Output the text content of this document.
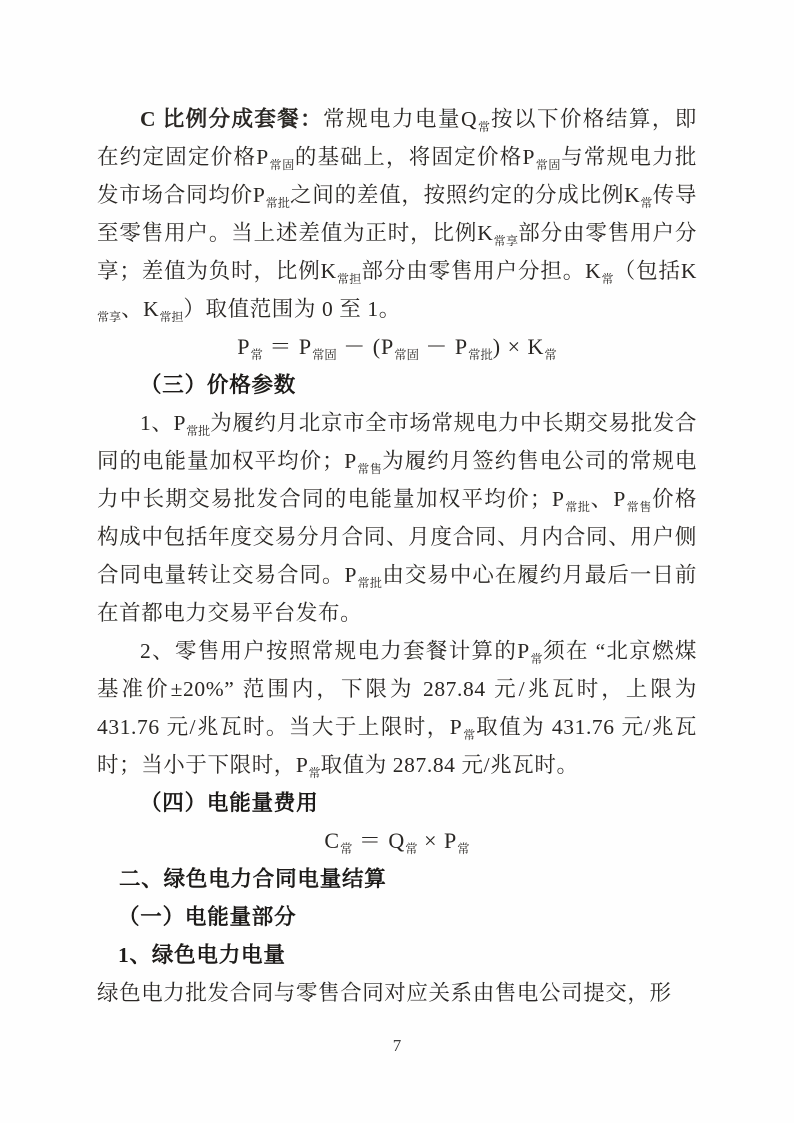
C 比例分成套餐：常规电力电量$Q_常$按以下价格结算，即在约定固定价格$P_{常固}$的基础上，将固定价格$P_{常固}$与常规电力批发市场合同均价$P_{常批}$之间的差值，按照约定的分成比例$K_常$传导至零售用户。当上述差值为正时，比例$K_{常享}$部分由零售用户分享；差值为负时，比例$K_{常担}$部分由零售用户分担。$K_常$（包括$K_{常享}$、$K_{常担}$）取值范围为 0 至 1。

$P_常 = P_{常固} - (P_{常固} - P_{常批}) \times K_常$

（三）价格参数

1、$P_{常批}$为履约月北京市全市场常规电力中长期交易批发合同的电能量加权平均价；$P_{常售}$为履约月签约售电公司的常规电力中长期交易批发合同的电能量加权平均价；$P_{常批}$、$P_{常售}$价格构成中包括年度交易分月合同、月度合同、月内合同、用户侧合同电量转让交易合同。$P_{常批}$由交易中心在履约月最后一日前在首都电力交易平台发布。

2、零售用户按照常规电力套餐计算的$P_常$须在 “北京燃煤基准价±20%” 范围内，下限为 287.84 元/兆瓦时，上限为 431.76 元/兆瓦时。当大于上限时，$P_常$取值为 431.76 元/兆瓦时；当小于下限时，$P_常$取值为 287.84 元/兆瓦时。

（四）电能量费用

$C_常 = Q_常 \times P_常$

二、绿色电力合同电量结算

（一）电能量部分

1、绿色电力电量

绿色电力批发合同与零售合同对应关系由售电公司提交，形

7
